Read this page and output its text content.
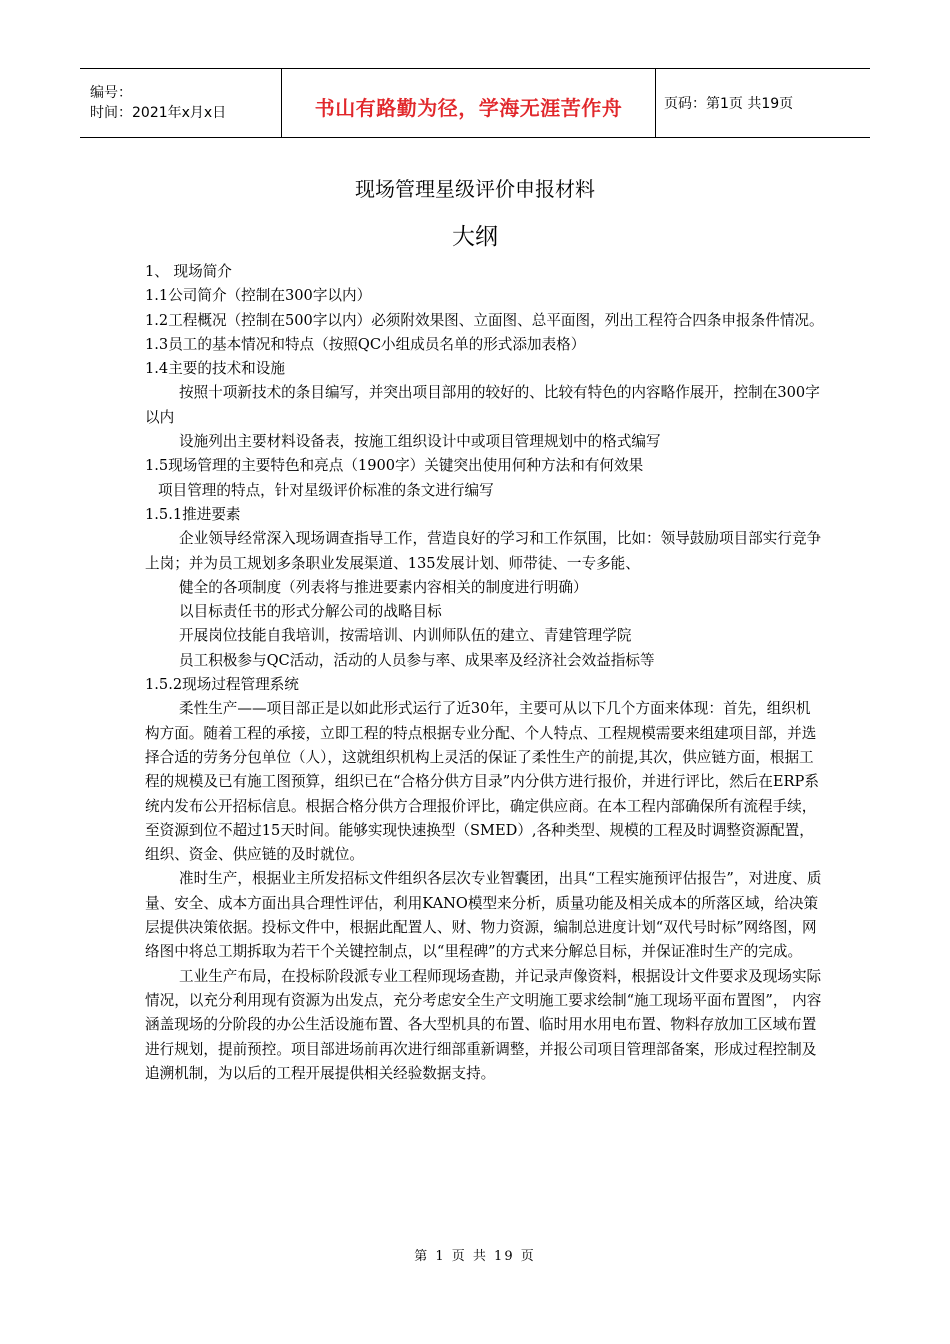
编号：
时间：2021年x月x日	书山有路勤为径，学海无涯苦作舟	页码：第1页 共19页
现场管理星级评价申报材料
大纲

1、 现场简介

1.1公司简介（控制在300字以内）

1.2工程概况（控制在500字以内）必须附效果图、立面图、总平面图，列出工程符合四条申报条件情况。

1.3员工的基本情况和特点（按照QC小组成员名单的形式添加表格）

1.4主要的技术和设施

按照十项新技术的条目编写，并突出项目部用的较好的、比较有特色的内容略作展开，控制在300字以内

设施列出主要材料设备表，按施工组织设计中或项目管理规划中的格式编写

1.5现场管理的主要特色和亮点（1900字）关键突出使用何种方法和有何效果

项目管理的特点，针对星级评价标准的条文进行编写

1.5.1推进要素

企业领导经常深入现场调查指导工作，营造良好的学习和工作氛围，比如：领导鼓励项目部实行竞争上岗；并为员工规划多条职业发展渠道、135发展计划、师带徒、一专多能、

健全的各项制度（列表将与推进要素内容相关的制度进行明确）

以目标责任书的形式分解公司的战略目标

开展岗位技能自我培训，按需培训、内训师队伍的建立、青建管理学院

员工积极参与QC活动，活动的人员参与率、成果率及经济社会效益指标等

1.5.2现场过程管理系统

柔性生产——项目部正是以如此形式运行了近30年，主要可从以下几个方面来体现：首先，组织机构方面。随着工程的承接，立即工程的特点根据专业分配、个人特点、工程规模需要来组建项目部，并选择合适的劳务分包单位（人），这就组织机构上灵活的保证了柔性生产的前提,其次，供应链方面，根据工程的规模及已有施工图预算，组织已在“合格分供方目录”内分供方进行报价，并进行评比，然后在ERP系统内发布公开招标信息。根据合格分供方合理报价评比，确定供应商。在本工程内部确保所有流程手续，至资源到位不超过15天时间。能够实现快速换型（SMED）,各种类型、规模的工程及时调整资源配置，组织、资金、供应链的及时就位。

准时生产，根据业主所发招标文件组织各层次专业智囊团，出具“工程实施预评估报告”，对进度、质量、安全、成本方面出具合理性评估，利用KANO模型来分析，质量功能及相关成本的所落区域，给决策层提供决策依据。投标文件中，根据此配置人、财、物力资源，编制总进度计划“双代号时标”网络图，网络图中将总工期拆取为若干个关键控制点，以“里程碑”的方式来分解总目标，并保证准时生产的完成。

工业生产布局，在投标阶段派专业工程师现场查勘，并记录声像资料，根据设计文件要求及现场实际情况，以充分利用现有资源为出发点，充分考虑安全生产文明施工要求绘制“施工现场平面布置图”， 内容涵盖现场的分阶段的办公生活设施布置、各大型机具的布置、临时用水用电布置、物料存放加工区域布置进行规划，提前预控。项目部进场前再次进行细部重新调整，并报公司项目管理部备案，形成过程控制及追溯机制，为以后的工程开展提供相关经验数据支持。

第 1 页 共 19 页
